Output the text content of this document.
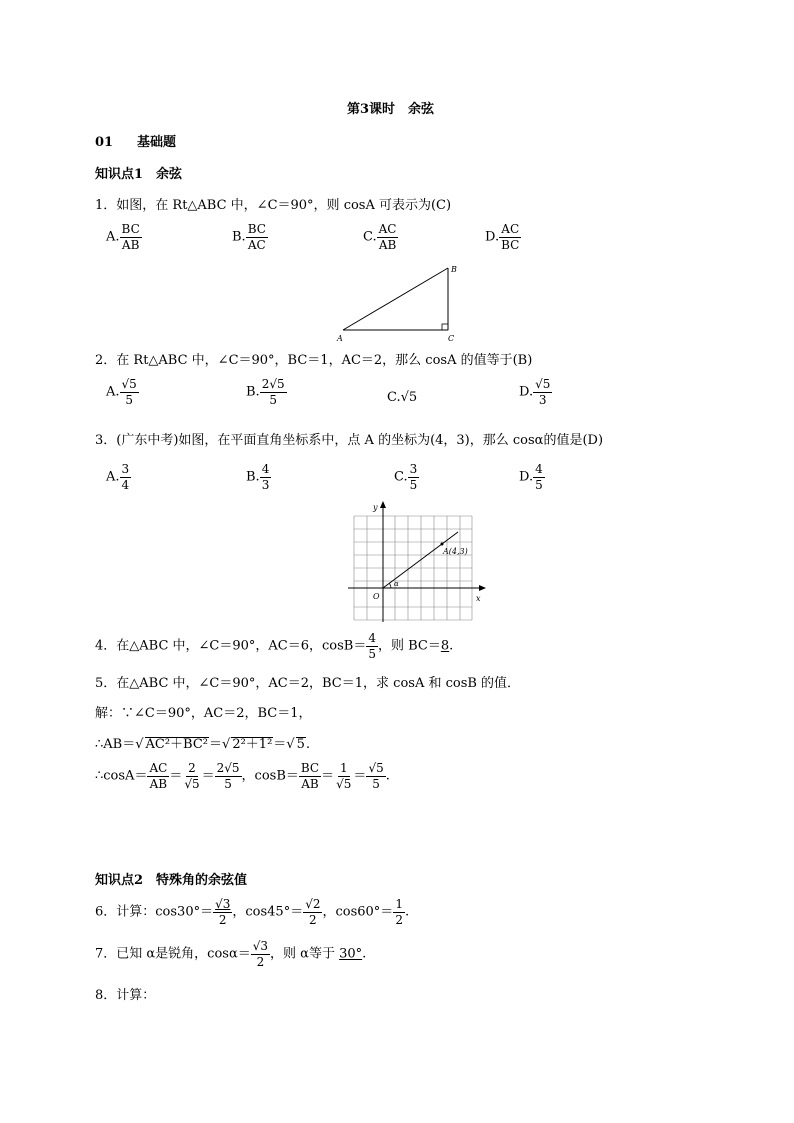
第3课时　余弦
01 基础题
知识点1　余弦
1．如图，在 Rt△ABC 中，∠C＝90°，则 cosA 可表示为(C)
A. $\frac{BC}{AB}$	B. $\frac{BC}{AC}$	C. $\frac{AC}{AB}$	D. $\frac{AC}{BC}$
A
B
C
2．在 Rt△ABC 中，∠C＝90°，BC＝1，AC＝2，那么 cosA 的值等于(B)
A. $\frac{√5}{5}$	B. $\frac{2√5}{5}$	C.√5	D. $\frac{√5}{3}$
3．(广东中考)如图，在平面直角坐标系中，点 A 的坐标为(4，3)，那么 cosα的值是(D)
A. $\frac{3}{4}$	B. $\frac{4}{3}$	C. $\frac{3}{5}$	D. $\frac{4}{5}$
A(4,3)
O	x
y
α
4．在△ABC 中，∠C＝90°，AC＝6，$\cos B= \frac{4}{5}$ ，则 BC＝8.
5．在△ABC 中，∠C＝90°，AC＝2，BC＝1，求 cosA 和 cosB 的值．
解：∵∠C＝90°，AC＝2，BC＝1，
∴AB＝√ AC²＋BC²＝√ 2²＋1²＝√ 5.
∴cosA＝ $\frac{AC}{AB} = \frac{2}{√5} = \frac{2√5}{5}$ ，$\cos B= \frac{BC}{AB} = \frac{1}{√5} = \frac{√5}{5}$ .
知识点2　特殊角的余弦值
6．计算：$\cos 30^\circ= \frac{√3}{2}$ ，$\cos 45^\circ= \frac{√2}{2}$ ，$\cos 60^\circ= \frac{1}{2}$ .
7．已知 α是锐角，$\cos\alpha= \frac{√3}{2}$ ，则 α等于 30°.
8．计算：
